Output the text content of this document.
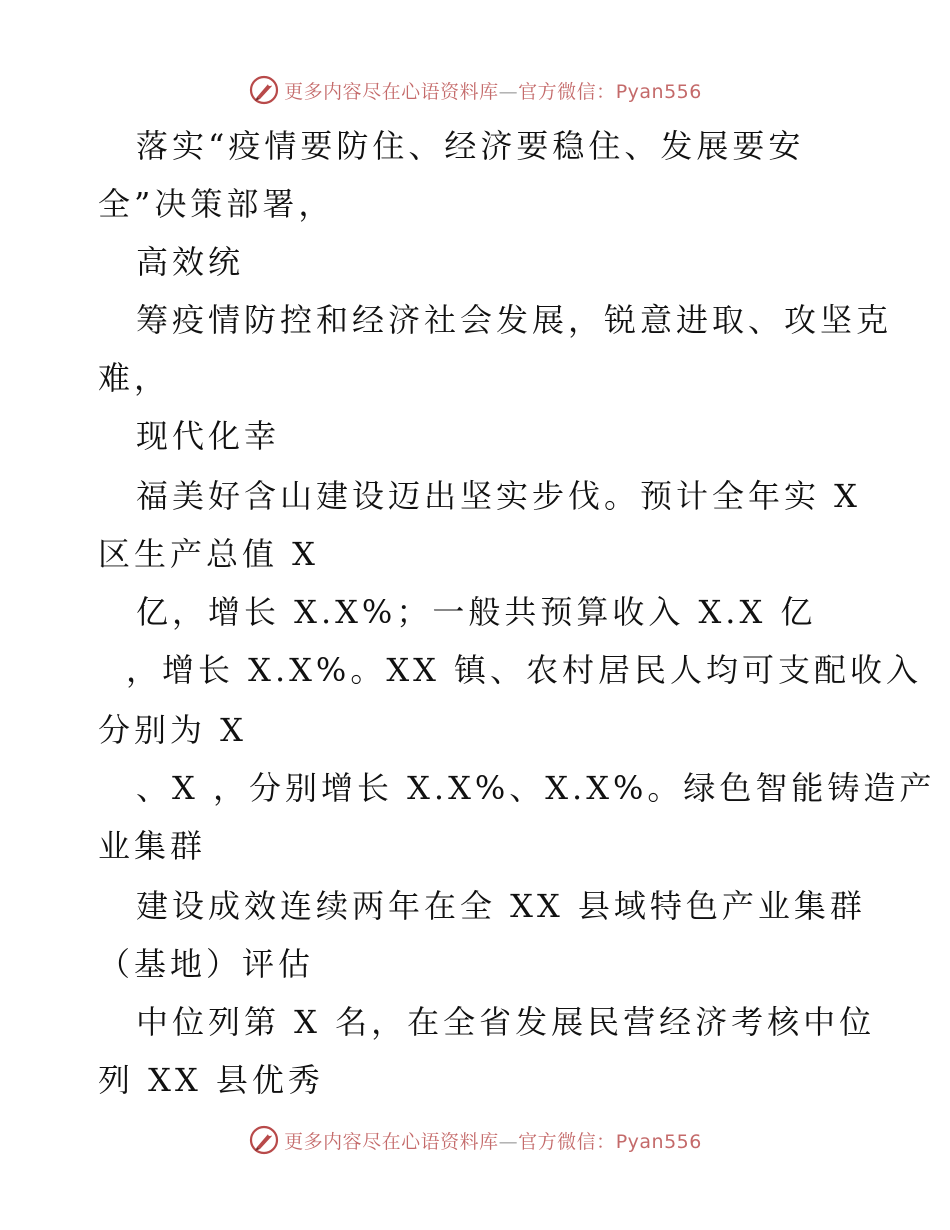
更多内容尽在心语资料库—官方微信：Pyan556
落实“疫情要防住、经济要稳住、发展要安
全”决策部署，
高效统
筹疫情防控和经济社会发展，锐意进取、攻坚克
难，
现代化幸
福美好含山建设迈出坚实步伐。预计全年实 X
区生产总值 X
亿，增长 X.X%；一般共预算收入 X.X 亿
，增长 X.X%。XX 镇、农村居民人均可支配收入
分别为 X
、X ，分别增长 X.X%、X.X%。绿色智能铸造产
业集群
建设成效连续两年在全 XX 县域特色产业集群
（基地）评估
中位列第 X 名，在全省发展民营经济考核中位
列 XX 县优秀
更多内容尽在心语资料库—官方微信：Pyan556
